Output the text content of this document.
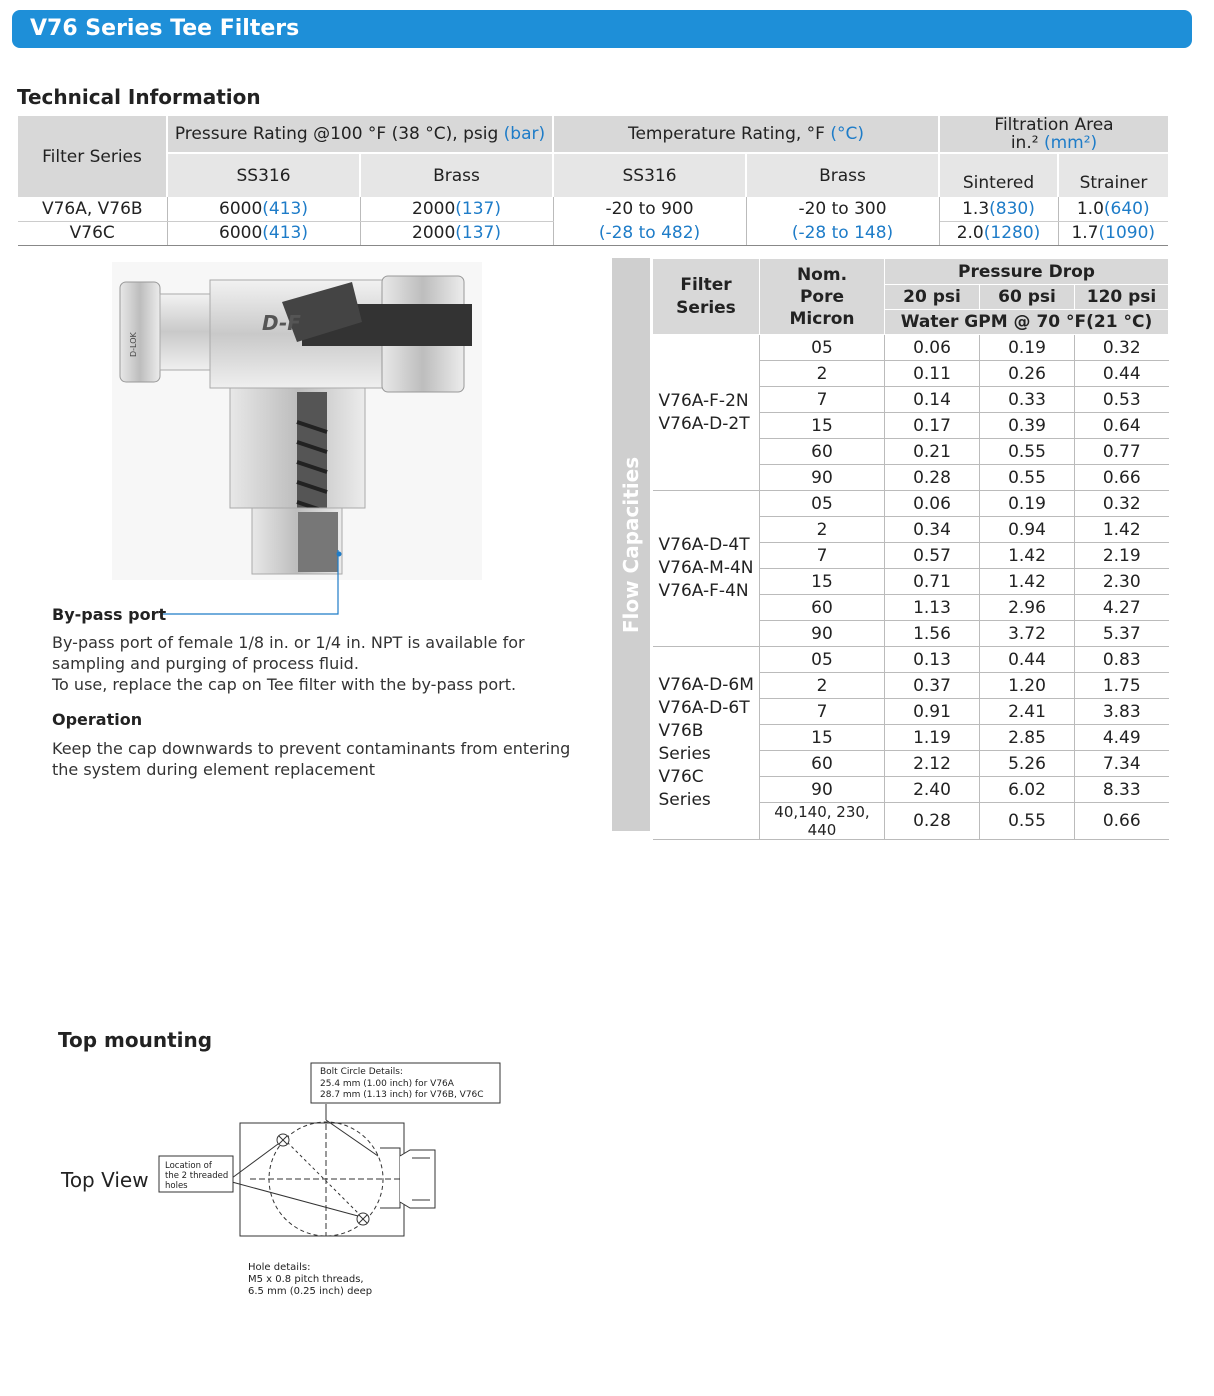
V76 Series Tee Filters
Technical Information
Filter Series	Pressure Rating @100 °F (38 °C), psig (bar)		Temperature Rating, °F (°C)		Filtration Area
in.² (mm²)	
	SS316	Brass	SS316	Brass	Sintered	Strainer
V76A, V76B	6000(413)	2000(137)	-20 to 900	-20 to 300	1.3(830)	1.0(640)
V76C	6000(413)	2000(137)	(-28 to 482)	(-28 to 148)	2.0(1280)	1.7(1090)
D-F
D-LOK
By-pass port
By-pass port of female 1/8 in. or 1/4 in. NPT is available for sampling and purging of process fluid.
To use, replace the cap on Tee filter with the by-pass port.
Operation
Keep the cap downwards to prevent contaminants from entering the system during element replacement
Flow Capacities
Filter
Series	Nom.
Pore
Micron	Pressure Drop		
		20 psi	60 psi	120 psi
		Water GPM @ 70 °F(21 °C)		

V76A-F-2N
V76A-D-2T	05	0.06	0.19	0.32
	2	0.11	0.26	0.44
	7	0.14	0.33	0.53
	15	0.17	0.39	0.64
	60	0.21	0.55	0.77
	90	0.28	0.55	0.66

V76A-D-4T
V76A-M-4N
V76A-F-4N	05	0.06	0.19	0.32
	2	0.34	0.94	1.42
	7	0.57	1.42	2.19
	15	0.71	1.42	2.30
	60	1.13	2.96	4.27
	90	1.56	3.72	5.37

V76A-D-6M
V76A-D-6T
V76B Series
V76C Series	05	0.13	0.44	0.83
	2	0.37	1.20	1.75
	7	0.91	2.41	3.83
	15	1.19	2.85	4.49
	60	2.12	5.26	7.34
	90	2.40	6.02	8.33
	40,140, 230, 440	0.28	0.55	0.66
Top mounting
Top View
Bolt Circle Details:
25.4 mm (1.00 inch) for V76A
28.7 mm (1.13 inch) for V76B, V76C
Location of
the 2 threaded
holes
Hole details:
M5 x 0.8 pitch threads,
6.5 mm (0.25 inch) deep
